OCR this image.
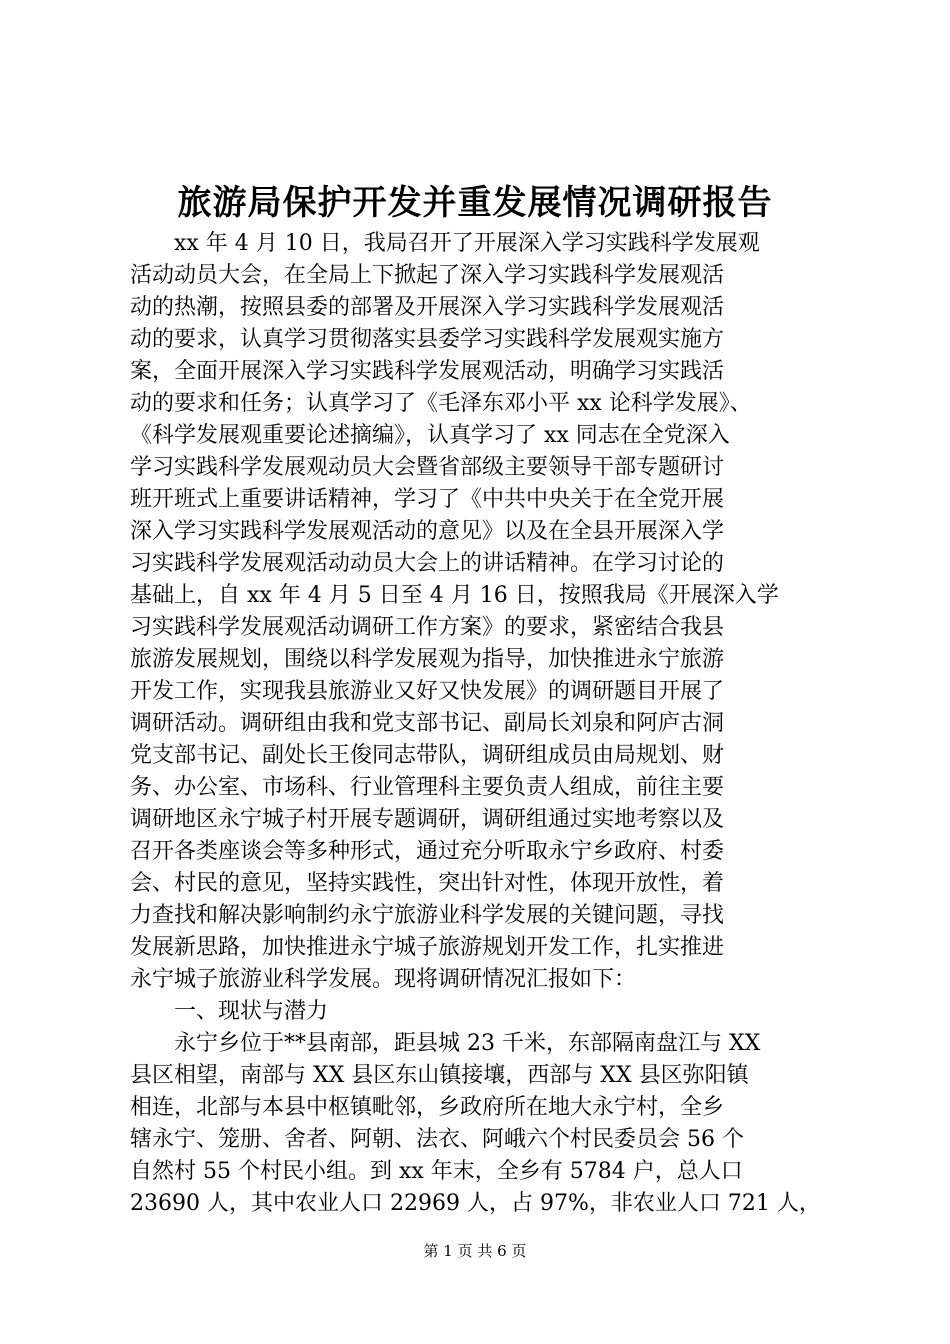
旅游局保护开发并重发展情况调研报告
xx 年 4 月 10 日，我局召开了开展深入学习实践科学发展观
活动动员大会，在全局上下掀起了深入学习实践科学发展观活
动的热潮，按照县委的部署及开展深入学习实践科学发展观活
动的要求，认真学习贯彻落实县委学习实践科学发展观实施方
案，全面开展深入学习实践科学发展观活动，明确学习实践活
动的要求和任务；认真学习了《毛泽东邓小平 xx 论科学发展》、
《科学发展观重要论述摘编》，认真学习了 xx 同志在全党深入
学习实践科学发展观动员大会暨省部级主要领导干部专题研讨
班开班式上重要讲话精神，学习了《中共中央关于在全党开展
深入学习实践科学发展观活动的意见》以及在全县开展深入学
习实践科学发展观活动动员大会上的讲话精神。在学习讨论的
基础上，自 xx 年 4 月 5 日至 4 月 16 日，按照我局《开展深入学
习实践科学发展观活动调研工作方案》的要求，紧密结合我县
旅游发展规划，围绕以科学发展观为指导，加快推进永宁旅游
开发工作，实现我县旅游业又好又快发展》的调研题目开展了
调研活动。调研组由我和党支部书记、副局长刘泉和阿庐古洞
党支部书记、副处长王俊同志带队，调研组成员由局规划、财
务、办公室、市场科、行业管理科主要负责人组成，前往主要
调研地区永宁城子村开展专题调研，调研组通过实地考察以及
召开各类座谈会等多种形式，通过充分听取永宁乡政府、村委
会、村民的意见，坚持实践性，突出针对性，体现开放性，着
力查找和解决影响制约永宁旅游业科学发展的关键问题，寻找
发展新思路，加快推进永宁城子旅游规划开发工作，扎实推进
永宁城子旅游业科学发展。现将调研情况汇报如下：
一、现状与潜力
永宁乡位于**县南部，距县城 23 千米，东部隔南盘江与 XX
县区相望，南部与 XX 县区东山镇接壤，西部与 XX 县区弥阳镇
相连，北部与本县中枢镇毗邻，乡政府所在地大永宁村，全乡
辖永宁、笼册、舍者、阿朝、法衣、阿峨六个村民委员会 56 个
自然村 55 个村民小组。到 xx 年末，全乡有 5784 户，总人口
23690 人，其中农业人口 22969 人，占 97%，非农业人口 721 人，
第 1 页 共 6 页
